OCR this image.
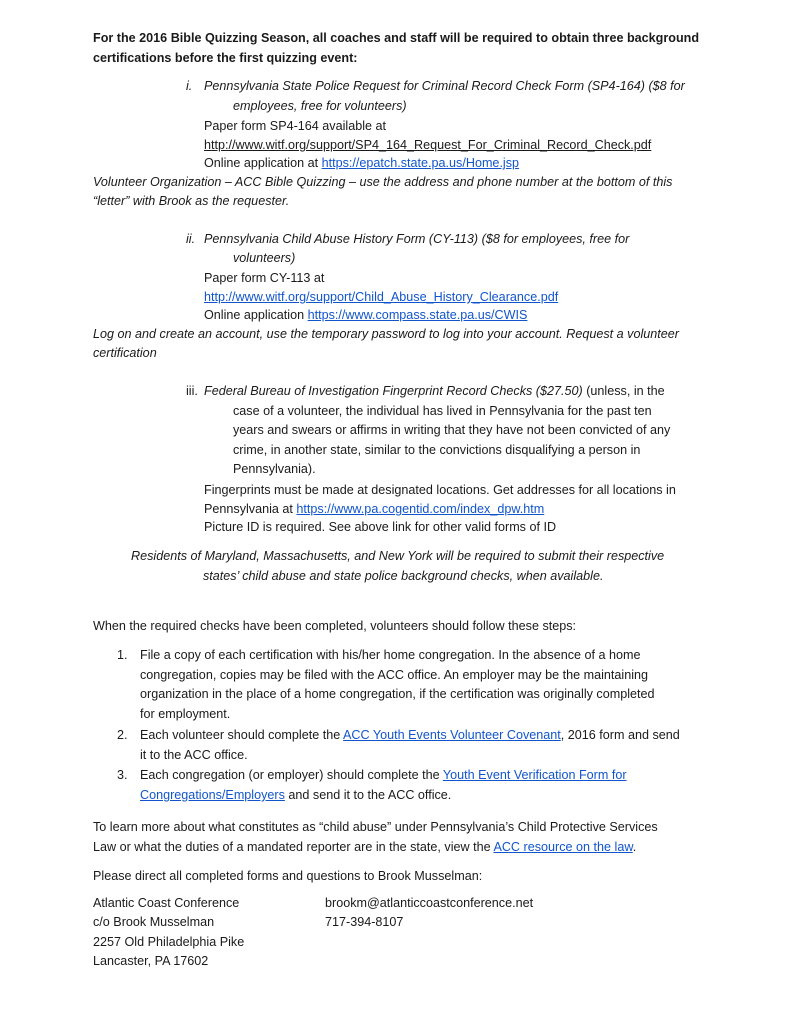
For the 2016 Bible Quizzing Season, all coaches and staff will be required to obtain three background
certifications before the first quizzing event:
i. Pennsylvania State Police Request for Criminal Record Check Form (SP4-164) ($8 for
employees, free for volunteers)
Paper form SP4-164 available at
http://www.witf.org/support/SP4_164_Request_For_Criminal_Record_Check.pdf
Online application at https://epatch.state.pa.us/Home.jsp
Volunteer Organization – ACC Bible Quizzing – use the address and phone number at the bottom of this
“letter” with Brook as the requester.
ii. Pennsylvania Child Abuse History Form (CY-113) ($8 for employees, free for
volunteers)
Paper form CY-113 at
http://www.witf.org/support/Child_Abuse_History_Clearance.pdf
Online application https://www.compass.state.pa.us/CWIS
Log on and create an account, use the temporary password to log into your account. Request a volunteer
certification
iii. Federal Bureau of Investigation Fingerprint Record Checks ($27.50) (unless, in the
case of a volunteer, the individual has lived in Pennsylvania for the past ten
years and swears or affirms in writing that they have not been convicted of any
crime, in another state, similar to the convictions disqualifying a person in
Pennsylvania).
Fingerprints must be made at designated locations. Get addresses for all locations in
Pennsylvania at https://www.pa.cogentid.com/index_dpw.htm
Picture ID is required. See above link for other valid forms of ID
Residents of Maryland, Massachusetts, and New York will be required to submit their respective
states’ child abuse and state police background checks, when available.
When the required checks have been completed, volunteers should follow these steps:
1. File a copy of each certification with his/her home congregation. In the absence of a home
congregation, copies may be filed with the ACC office. An employer may be the maintaining
organization in the place of a home congregation, if the certification was originally completed
for employment.
2. Each volunteer should complete the ACC Youth Events Volunteer Covenant, 2016 form and send
it to the ACC office.
3. Each congregation (or employer) should complete the Youth Event Verification Form for
Congregations/Employers and send it to the ACC office.
To learn more about what constitutes as “child abuse” under Pennsylvania’s Child Protective Services
Law or what the duties of a mandated reporter are in the state, view the ACC resource on the law.
Please direct all completed forms and questions to Brook Musselman:
Atlantic Coast Conference
c/o Brook Musselman
2257 Old Philadelphia Pike
Lancaster, PA 17602
brookm@atlanticcoastconference.net
717-394-8107
